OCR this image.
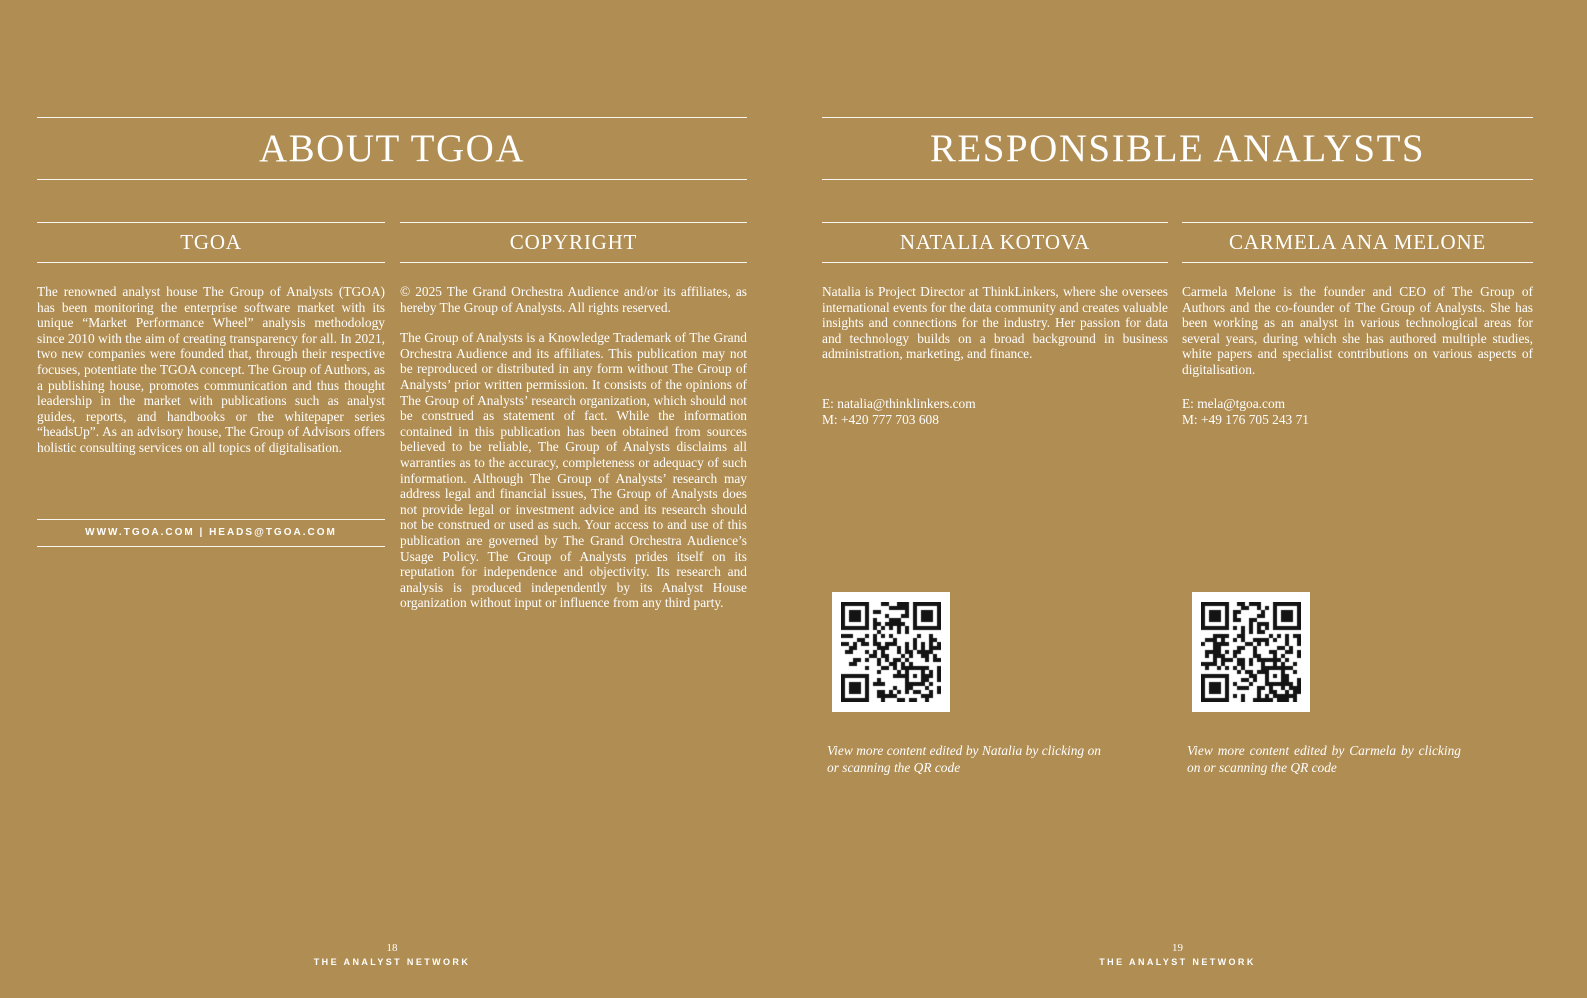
ABOUT TGOA
TGOA

The renowned analyst house The Group of Analysts (TGOA) has been monitoring the enterprise software market with its unique “Market Performance Wheel” analysis methodology since 2010 with the aim of creating transparency for all. In 2021, two new companies were founded that, through their respective focuses, potentiate the TGOA concept. The Group of Authors, as a publishing house, promotes communication and thus thought leadership in the market with publications such as analyst guides, reports, and handbooks or the whitepaper series “headsUp”. As an advisory house, The Group of Advisors offers holistic consulting services on all topics of digitalisation.

WWW.TGOA.COM | HEADS@TGOA.COM
COPYRIGHT

© 2025 The Grand Orchestra Audience and/or its affiliates, as hereby The Group of Analysts. All rights reserved.

The Group of Analysts is a Knowledge Trademark of The Grand Orchestra Audience and its affiliates. This publication may not be reproduced or distributed in any form without The Group of Analysts’ prior written permission. It consists of the opinions of The Group of Analysts’ research organization, which should not be construed as statement of fact. While the information contained in this publication has been obtained from sources believed to be reliable, The Group of Analysts disclaims all warranties as to the accuracy, completeness or adequacy of such information. Although The Group of Analysts’ research may address legal and financial issues, The Group of Analysts does not provide legal or investment advice and its research should not be construed or used as such. Your access to and use of this publication are governed by The Grand Orchestra Audience’s Usage Policy. The Group of Analysts prides itself on its reputation for independence and objectivity. Its research and analysis is produced independently by its Analyst House organization without input or influence from any third party.

18
THE ANALYST NETWORK
RESPONSIBLE ANALYSTS
NATALIA KOTOVA

Natalia is Project Director at ThinkLinkers, where she oversees international events for the data community and creates valuable insights and connections for the industry. Her passion for data and technology builds on a broad background in business administration, marketing, and finance.

E: natalia@thinklinkers.com
M: +420 777 703 608
View more content edited by Natalia by clicking on or scanning the QR code
CARMELA ANA MELONE

Carmela Melone is the founder and CEO of The Group of Authors and the co-founder of The Group of Analysts. She has been working as an analyst in various technological areas for several years, during which she has authored multiple studies, white papers and specialist contributions on various aspects of digitalisation.

E: mela@tgoa.com
M: +49 176 705 243 71
View more content edited by Carmela by clicking on or scanning the QR code
19
THE ANALYST NETWORK
